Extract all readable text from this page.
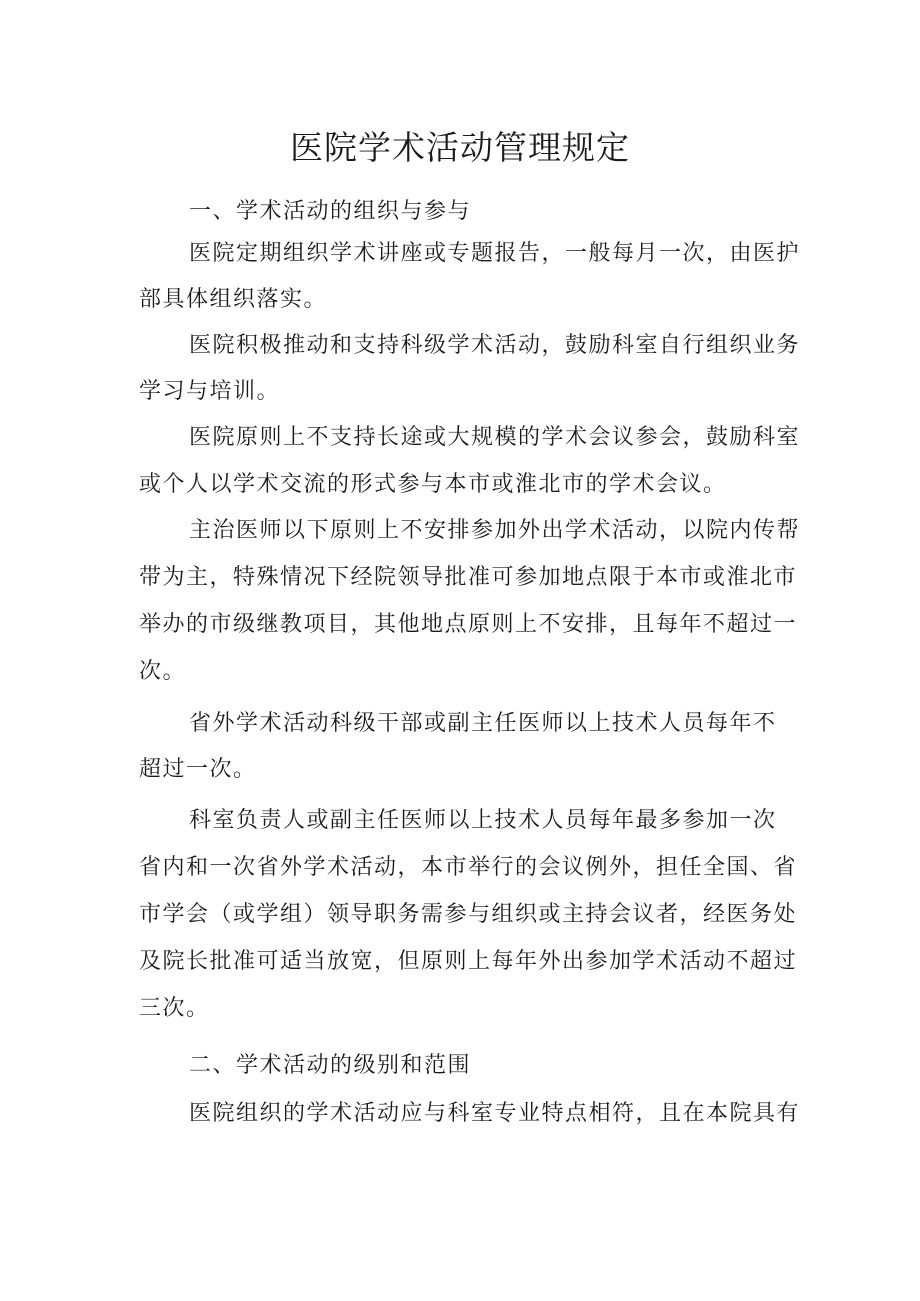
医院学术活动管理规定
一、学术活动的组织与参与
医院定期组织学术讲座或专题报告，一般每月一次，由医护
部具体组织落实。
医院积极推动和支持科级学术活动，鼓励科室自行组织业务
学习与培训。
医院原则上不支持长途或大规模的学术会议参会，鼓励科室
或个人以学术交流的形式参与本市或淮北市的学术会议。
主治医师以下原则上不安排参加外出学术活动，以院内传帮
带为主，特殊情况下经院领导批准可参加地点限于本市或淮北市
举办的市级继教项目，其他地点原则上不安排，且每年不超过一
次。
省外学术活动科级干部或副主任医师以上技术人员每年不
超过一次。
科室负责人或副主任医师以上技术人员每年最多参加一次
省内和一次省外学术活动，本市举行的会议例外，担任全国、省
市学会（或学组）领导职务需参与组织或主持会议者，经医务处
及院长批准可适当放宽，但原则上每年外出参加学术活动不超过
三次。
二、学术活动的级别和范围
医院组织的学术活动应与科室专业特点相符，且在本院具有
